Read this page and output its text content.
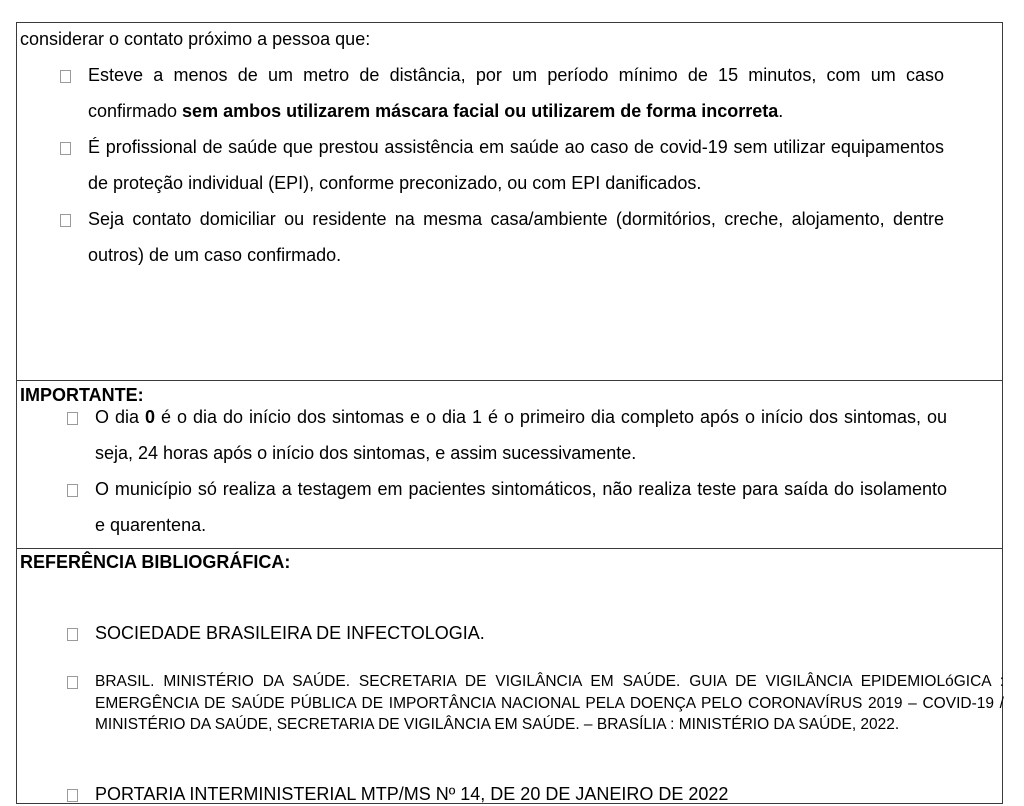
considerar o contato próximo a pessoa que:
Esteve a menos de um metro de distância, por um período mínimo de 15 minutos, com um caso confirmado sem ambos utilizarem máscara facial ou utilizarem de forma incorreta.
É profissional de saúde que prestou assistência em saúde ao caso de covid-19 sem utilizar equipamentos de proteção individual (EPI), conforme preconizado, ou com EPI danificados.
Seja contato domiciliar ou residente na mesma casa/ambiente (dormitórios, creche, alojamento, dentre outros) de um caso confirmado.
IMPORTANTE:
O dia 0 é o dia do início dos sintomas e o dia 1 é o primeiro dia completo após o início dos sintomas, ou seja, 24 horas após o início dos sintomas, e assim sucessivamente.
O município só realiza a testagem em pacientes sintomáticos, não realiza teste para saída do isolamento e quarentena.
REFERÊNCIA BIBLIOGRÁFICA:
SOCIEDADE BRASILEIRA DE INFECTOLOGIA.
BRASIL. MINISTÉRIO DA SAÚDE. SECRETARIA DE VIGILÂNCIA EM SAÚDE. GUIA DE VIGILÂNCIA EPIDEMIOLóGICA : EMERGÊNCIA DE SAÚDE PÚBLICA DE IMPORTÂNCIA NACIONAL PELA DOENÇA PELO CORONAVÍRUS 2019 – COVID-19 / MINISTÉRIO DA SAÚDE, SECRETARIA DE VIGILÂNCIA EM SAÚDE. – BRASÍLIA : MINISTÉRIO DA SAÚDE, 2022.
PORTARIA INTERMINISTERIAL MTP/MS Nº 14, DE 20 DE JANEIRO DE 2022
